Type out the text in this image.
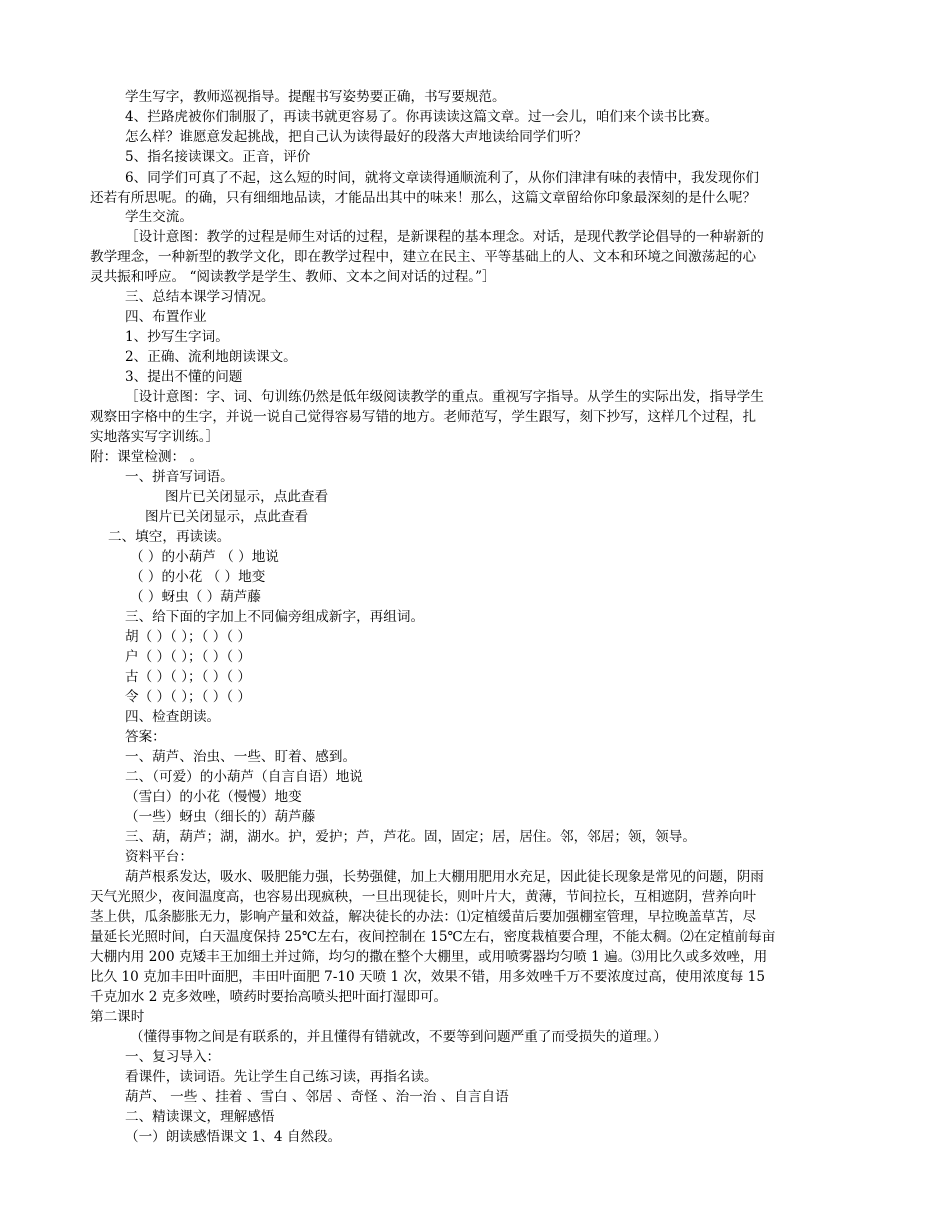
学生写字，教师巡视指导。提醒书写姿势要正确，书写要规范。
4、拦路虎被你们制服了，再读书就更容易了。你再读读这篇文章。过一会儿，咱们来个读书比赛。
怎么样？谁愿意发起挑战，把自己认为读得最好的段落大声地读给同学们听？
5、指名接读课文。正音，评价
6、同学们可真了不起，这么短的时间，就将文章读得通顺流利了，从你们津津有味的表情中，我发现你们
还若有所思呢。的确，只有细细地品读，才能品出其中的味来！那么，这篇文章留给你印象最深刻的是什么呢？
学生交流。
［设计意图：教学的过程是师生对话的过程，是新课程的基本理念。对话，是现代教学论倡导的一种崭新的
教学理念，一种新型的教学文化，即在教学过程中，建立在民主、平等基础上的人、文本和环境之间激荡起的心
灵共振和呼应。 “阅读教学是学生、教师、文本之间对话的过程。”］
三、总结本课学习情况。
四、布置作业
1、抄写生字词。
2、正确、流利地朗读课文。
3、提出不懂的问题
［设计意图：字、词、句训练仍然是低年级阅读教学的重点。重视写字指导。从学生的实际出发，指导学生
观察田字格中的生字，并说一说自己觉得容易写错的地方。老师范写，学生跟写，刻下抄写，这样几个过程，扎
实地落实写字训练。］
附：课堂检测： 。
一、拼音写词语。
图片已关闭显示，点此查看
图片已关闭显示，点此查看
二、填空，再读读。
（ ）的小葫芦 （ ）地说
（ ）的小花 （ ）地变
（ ）蚜虫（ ）葫芦藤
三、给下面的字加上不同偏旁组成新字，再组词。
胡（ ）（ ）；（ ）（ ）
户（ ）（ ）；（ ）（ ）
古（ ）（ ）；（ ）（ ）
令（ ）（ ）；（ ）（ ）
四、检查朗读。
答案：
一、葫芦、治虫、一些、盯着、感到。
二、（可爱）的小葫芦（自言自语）地说
（雪白）的小花（慢慢）地变
（一些）蚜虫（细长的）葫芦藤
三、葫，葫芦；湖，湖水。护，爱护；芦，芦花。固，固定；居，居住。邻，邻居；领，领导。
资料平台：
葫芦根系发达，吸水、吸肥能力强，长势强健，加上大棚用肥用水充足，因此徒长现象是常见的问题，阴雨
天气光照少，夜间温度高，也容易出现疯秧，一旦出现徒长，则叶片大，黄薄，节间拉长，互相遮阴，营养向叶
茎上供，瓜条膨胀无力，影响产量和效益，解决徒长的办法：⑴定植缓苗后要加强棚室管理，早拉晚盖草苫，尽
量延长光照时间，白天温度保持 25℃左右，夜间控制在 15℃左右，密度栽植要合理，不能太稠。⑵在定植前每亩
大棚内用 200 克矮丰王加细土并过筛，均匀的撒在整个大棚里，或用喷雾器均匀喷 1 遍。⑶用比久或多效唑，用
比久 10 克加丰田叶面肥，丰田叶面肥 7-10 天喷 1 次，效果不错，用多效唑千万不要浓度过高，使用浓度每 15
千克加水 2 克多效唑，喷药时要抬高喷头把叶面打湿即可。
第二课时
（懂得事物之间是有联系的，并且懂得有错就改，不要等到问题严重了而受损失的道理。）
一、复习导入：
看课件，读词语。先让学生自己练习读，再指名读。
葫芦、 一些 、挂着 、雪白 、邻居 、奇怪 、治一治 、自言自语
二、精读课文，理解感悟
（一）朗读感悟课文 1、4 自然段。
